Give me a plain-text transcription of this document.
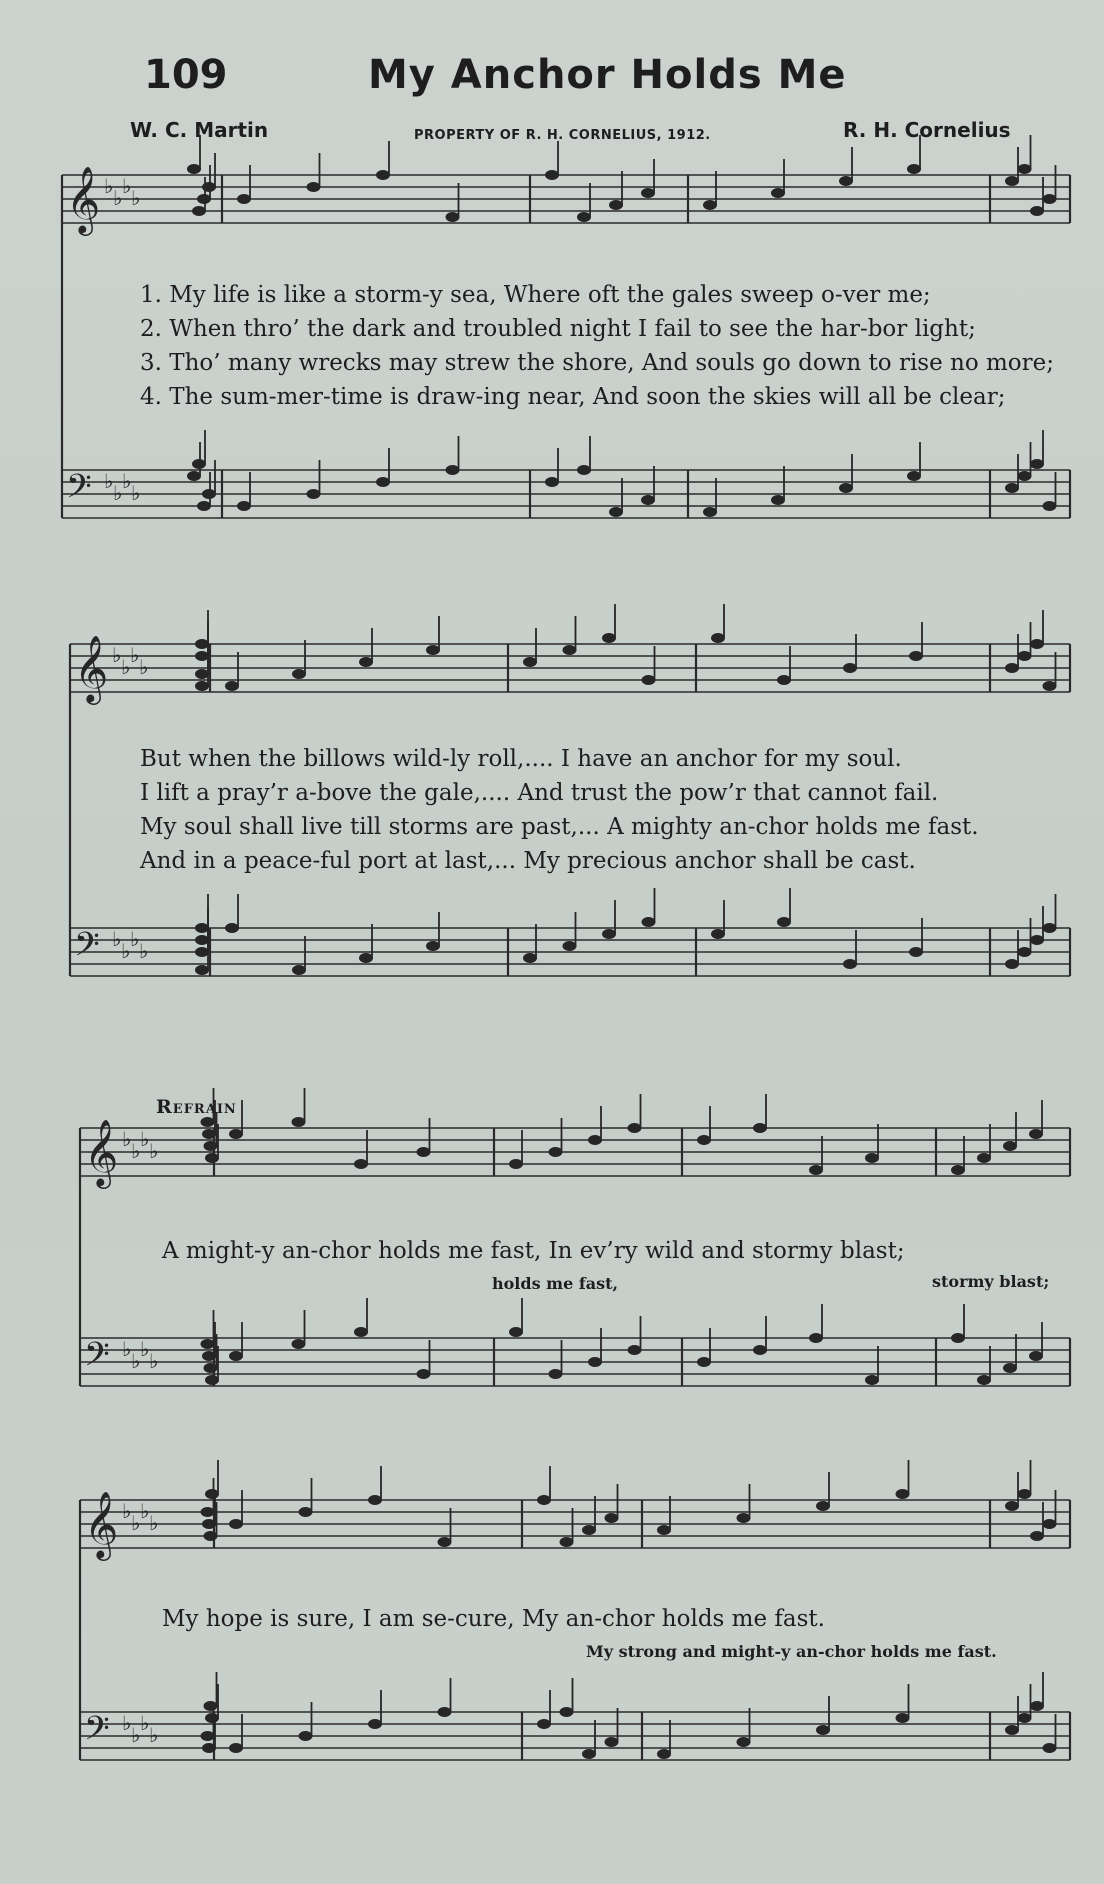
𝄞 ♭ ♭ ♭ ♭
𝄢 ♭ ♭ ♭ ♭
𝄞 ♭ ♭ ♭ ♭
𝄢 ♭ ♭ ♭ ♭
𝄞 ♭ ♭ ♭ ♭
𝄢 ♭ ♭ ♭ ♭
𝄞 ♭ ♭ ♭ ♭
𝄢 ♭ ♭ ♭ ♭
109	My Anchor Holds Me
W. C. Martin	PROPERTY OF R. H. CORNELIUS, 1912.	R. H. Cornelius
1. My life is like a storm-y sea, Where oft the gales sweep o-ver me;
2. When thro’ the dark and troubled night I fail to see the har-bor light;
3. Tho’ many wrecks may strew the shore, And souls go down to rise no more;
4. The sum-mer-time is draw-ing near, And soon the skies will all be clear;
But when the billows wild-ly roll,.... I have an anchor for my soul.
I lift a pray’r a-bove the gale,.... And trust the pow’r that cannot fail.
My soul shall live till storms are past,... A mighty an-chor holds me fast.
And in a peace-ful port at last,... My precious anchor shall be cast.
Refrain
A might-y an-chor holds me fast, In ev’ry wild and stormy blast;
holds me fast,	stormy blast;
My hope is sure, I am se-cure, My an-chor holds me fast.
My strong and might-y an-chor holds me fast.
